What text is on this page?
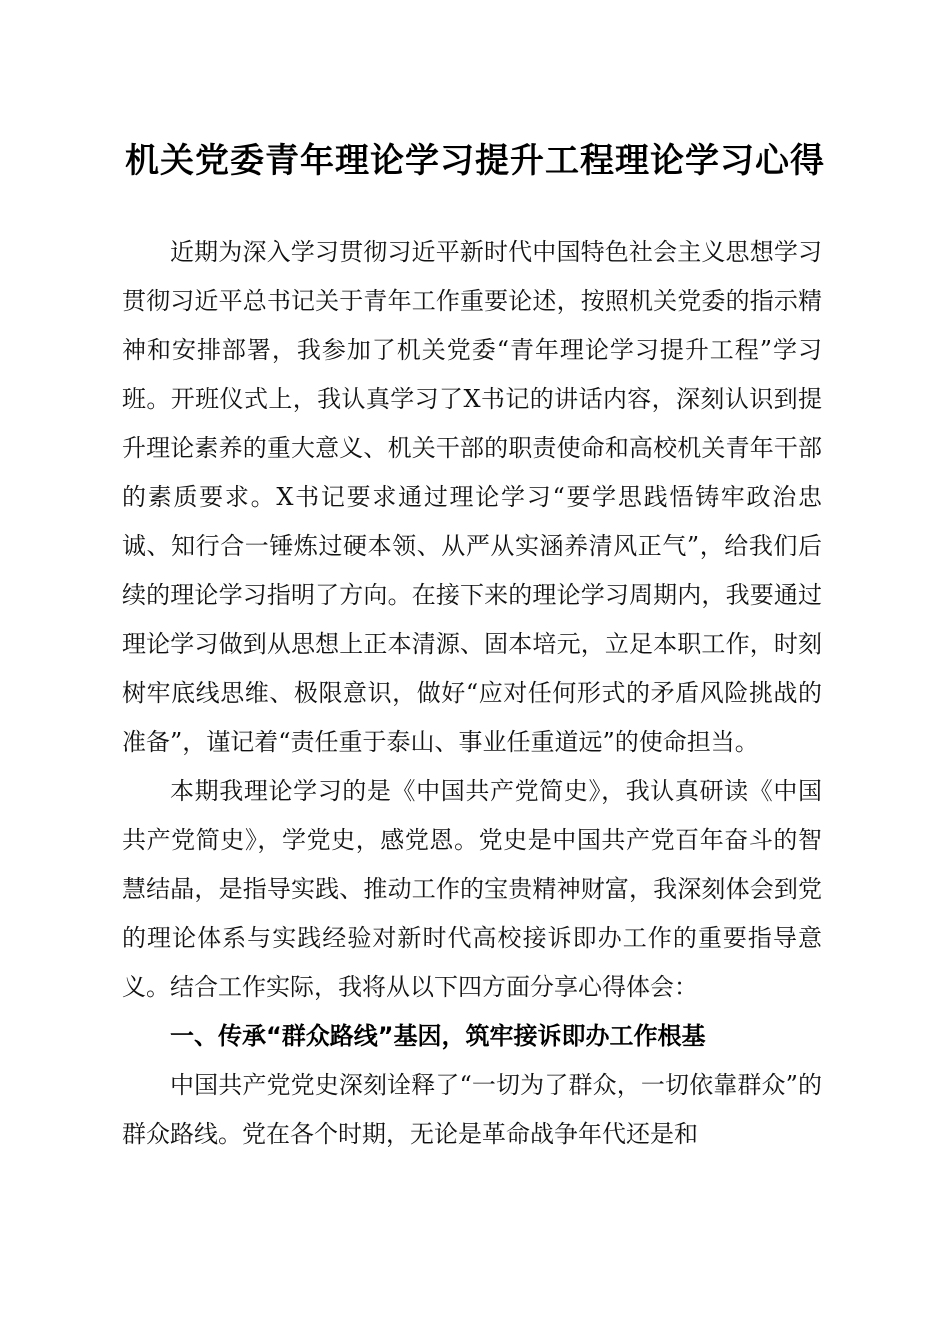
机关党委青年理论学习提升工程理论学习心得

近期为深入学习贯彻习近平新时代中国特色社会主义思想学习贯彻习近平总书记关于青年工作重要论述，按照机关党委的指示精神和安排部署，我参加了机关党委“青年理论学习提升工程”学习班。开班仪式上，我认真学习了X书记的讲话内容，深刻认识到提升理论素养的重大意义、机关干部的职责使命和高校机关青年干部的素质要求。X书记要求通过理论学习“要学思践悟铸牢政治忠诚、知行合一锤炼过硬本领、从严从实涵养清风正气”，给我们后续的理论学习指明了方向。在接下来的理论学习周期内，我要通过理论学习做到从思想上正本清源、固本培元，立足本职工作，时刻树牢底线思维、极限意识，做好“应对任何形式的矛盾风险挑战的准备”，谨记着“责任重于泰山、事业任重道远”的使命担当。

本期我理论学习的是《中国共产党简史》，我认真研读《中国共产党简史》，学党史，感党恩。党史是中国共产党百年奋斗的智慧结晶，是指导实践、推动工作的宝贵精神财富，我深刻体会到党的理论体系与实践经验对新时代高校接诉即办工作的重要指导意义。结合工作实际，我将从以下四方面分享心得体会：

一、传承“群众路线”基因，筑牢接诉即办工作根基

中国共产党党史深刻诠释了“一切为了群众，一切依靠群众”的群众路线。党在各个时期，无论是革命战争年代还是和
